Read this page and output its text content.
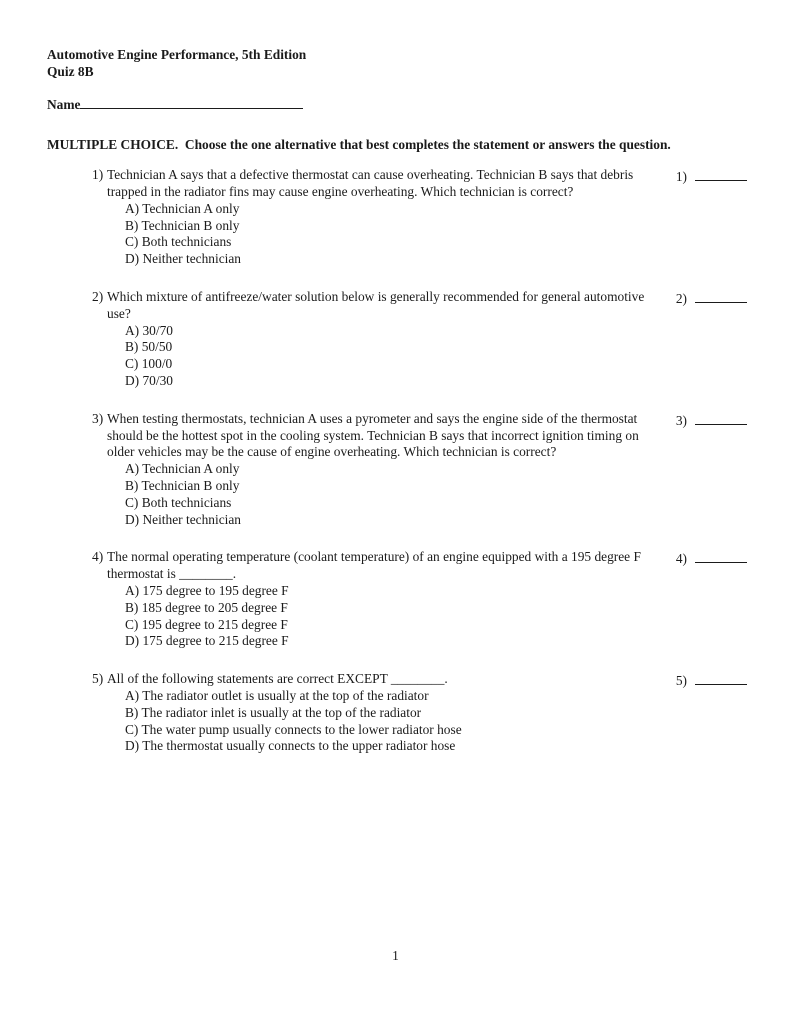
Automotive Engine Performance, 5th Edition
Quiz 8B
Name
MULTIPLE CHOICE.  Choose the one alternative that best completes the statement or answers the question.
1) Technician A says that a defective thermostat can cause overheating. Technician B says that debris trapped in the radiator fins may cause engine overheating. Which technician is correct?
A) Technician A only
B) Technician B only
C) Both technicians
D) Neither technician
1)
2) Which mixture of antifreeze/water solution below is generally recommended for general automotive use?
A) 30/70
B) 50/50
C) 100/0
D) 70/30
2)
3) When testing thermostats, technician A uses a pyrometer and says the engine side of the thermostat should be the hottest spot in the cooling system. Technician B says that incorrect ignition timing on older vehicles may be the cause of engine overheating. Which technician is correct?
A) Technician A only
B) Technician B only
C) Both technicians
D) Neither technician
3)
4) The normal operating temperature (coolant temperature) of an engine equipped with a 195 degree F thermostat is ________.
A) 175 degree to 195 degree F
B) 185 degree to 205 degree F
C) 195 degree to 215 degree F
D) 175 degree to 215 degree F
4)
5) All of the following statements are correct EXCEPT ________.
A) The radiator outlet is usually at the top of the radiator
B) The radiator inlet is usually at the top of the radiator
C) The water pump usually connects to the lower radiator hose
D) The thermostat usually connects to the upper radiator hose
5)
1
